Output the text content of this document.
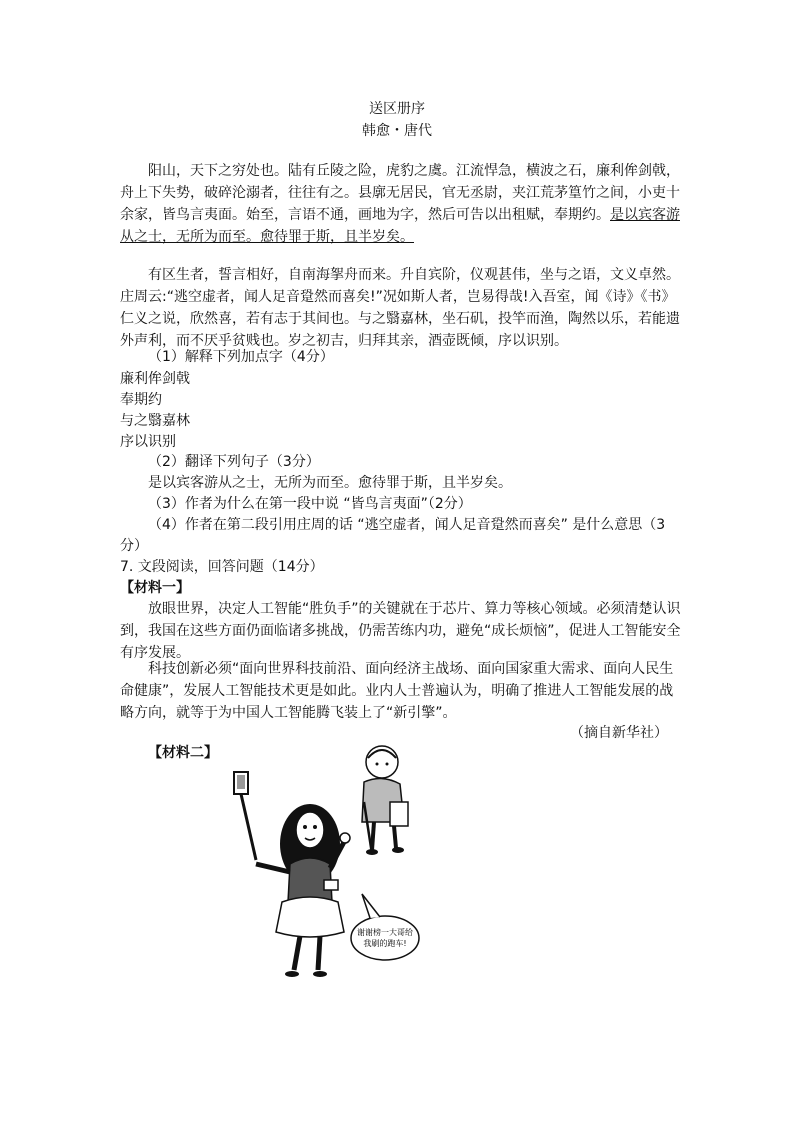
送区册序
韩愈・唐代
阳山，天下之穷处也。陆有丘陵之险，虎豹之虞。江流悍急，横波之石，廉利侔剑戟，
舟上下失势，破碎沦溺者，往往有之。县廓无居民，官无丞尉，夹江荒茅篁竹之间，小吏十
余家，皆鸟言夷面。始至，言语不通，画地为字，然后可告以出租赋，奉期约。是以宾客游
从之士，无所为而至。愈待罪于斯，且半岁矣。
有区生者，誓言相好，自南海挐舟而来。升自宾阶，仪观甚伟，坐与之语，文义卓然。
庄周云:“逃空虚者，闻人足音跫然而喜矣!”况如斯人者，岂易得哉!入吾室，闻《诗》《书》
仁义之说，欣然喜，若有志于其间也。与之翳嘉林，坐石矶，投竿而渔，陶然以乐，若能遗
外声利，而不厌乎贫贱也。岁之初吉，归拜其亲，酒壶既倾，序以识别。
（1）解释下列加点字（4分）
廉利侔剑戟
奉期约
与之翳嘉林
序以识别
（2）翻译下列句子（3分）
是以宾客游从之士，无所为而至。愈待罪于斯，且半岁矣。
（3）作者为什么在第一段中说 “皆鸟言夷面”（2分）
（4）作者在第二段引用庄周的话 “逃空虚者，闻人足音跫然而喜矣” 是什么意思（3
分）
7. 文段阅读，回答问题（14分）
【材料一】
放眼世界，决定人工智能“胜负手”的关键就在于芯片、算力等核心领域。必须清楚认识
到，我国在这些方面仍面临诸多挑战，仍需苦练内功，避免“成长烦恼”，促进人工智能安全
有序发展。
科技创新必须“面向世界科技前沿、面向经济主战场、面向国家重大需求、面向人民生
命健康”，发展人工智能技术更是如此。业内人士普遍认为，明确了推进人工智能发展的战
略方向，就等于为中国人工智能腾飞装上了“新引擎”。
（摘自新华社）
【材料二】
谢谢榜一大哥给
我刷的跑车!
